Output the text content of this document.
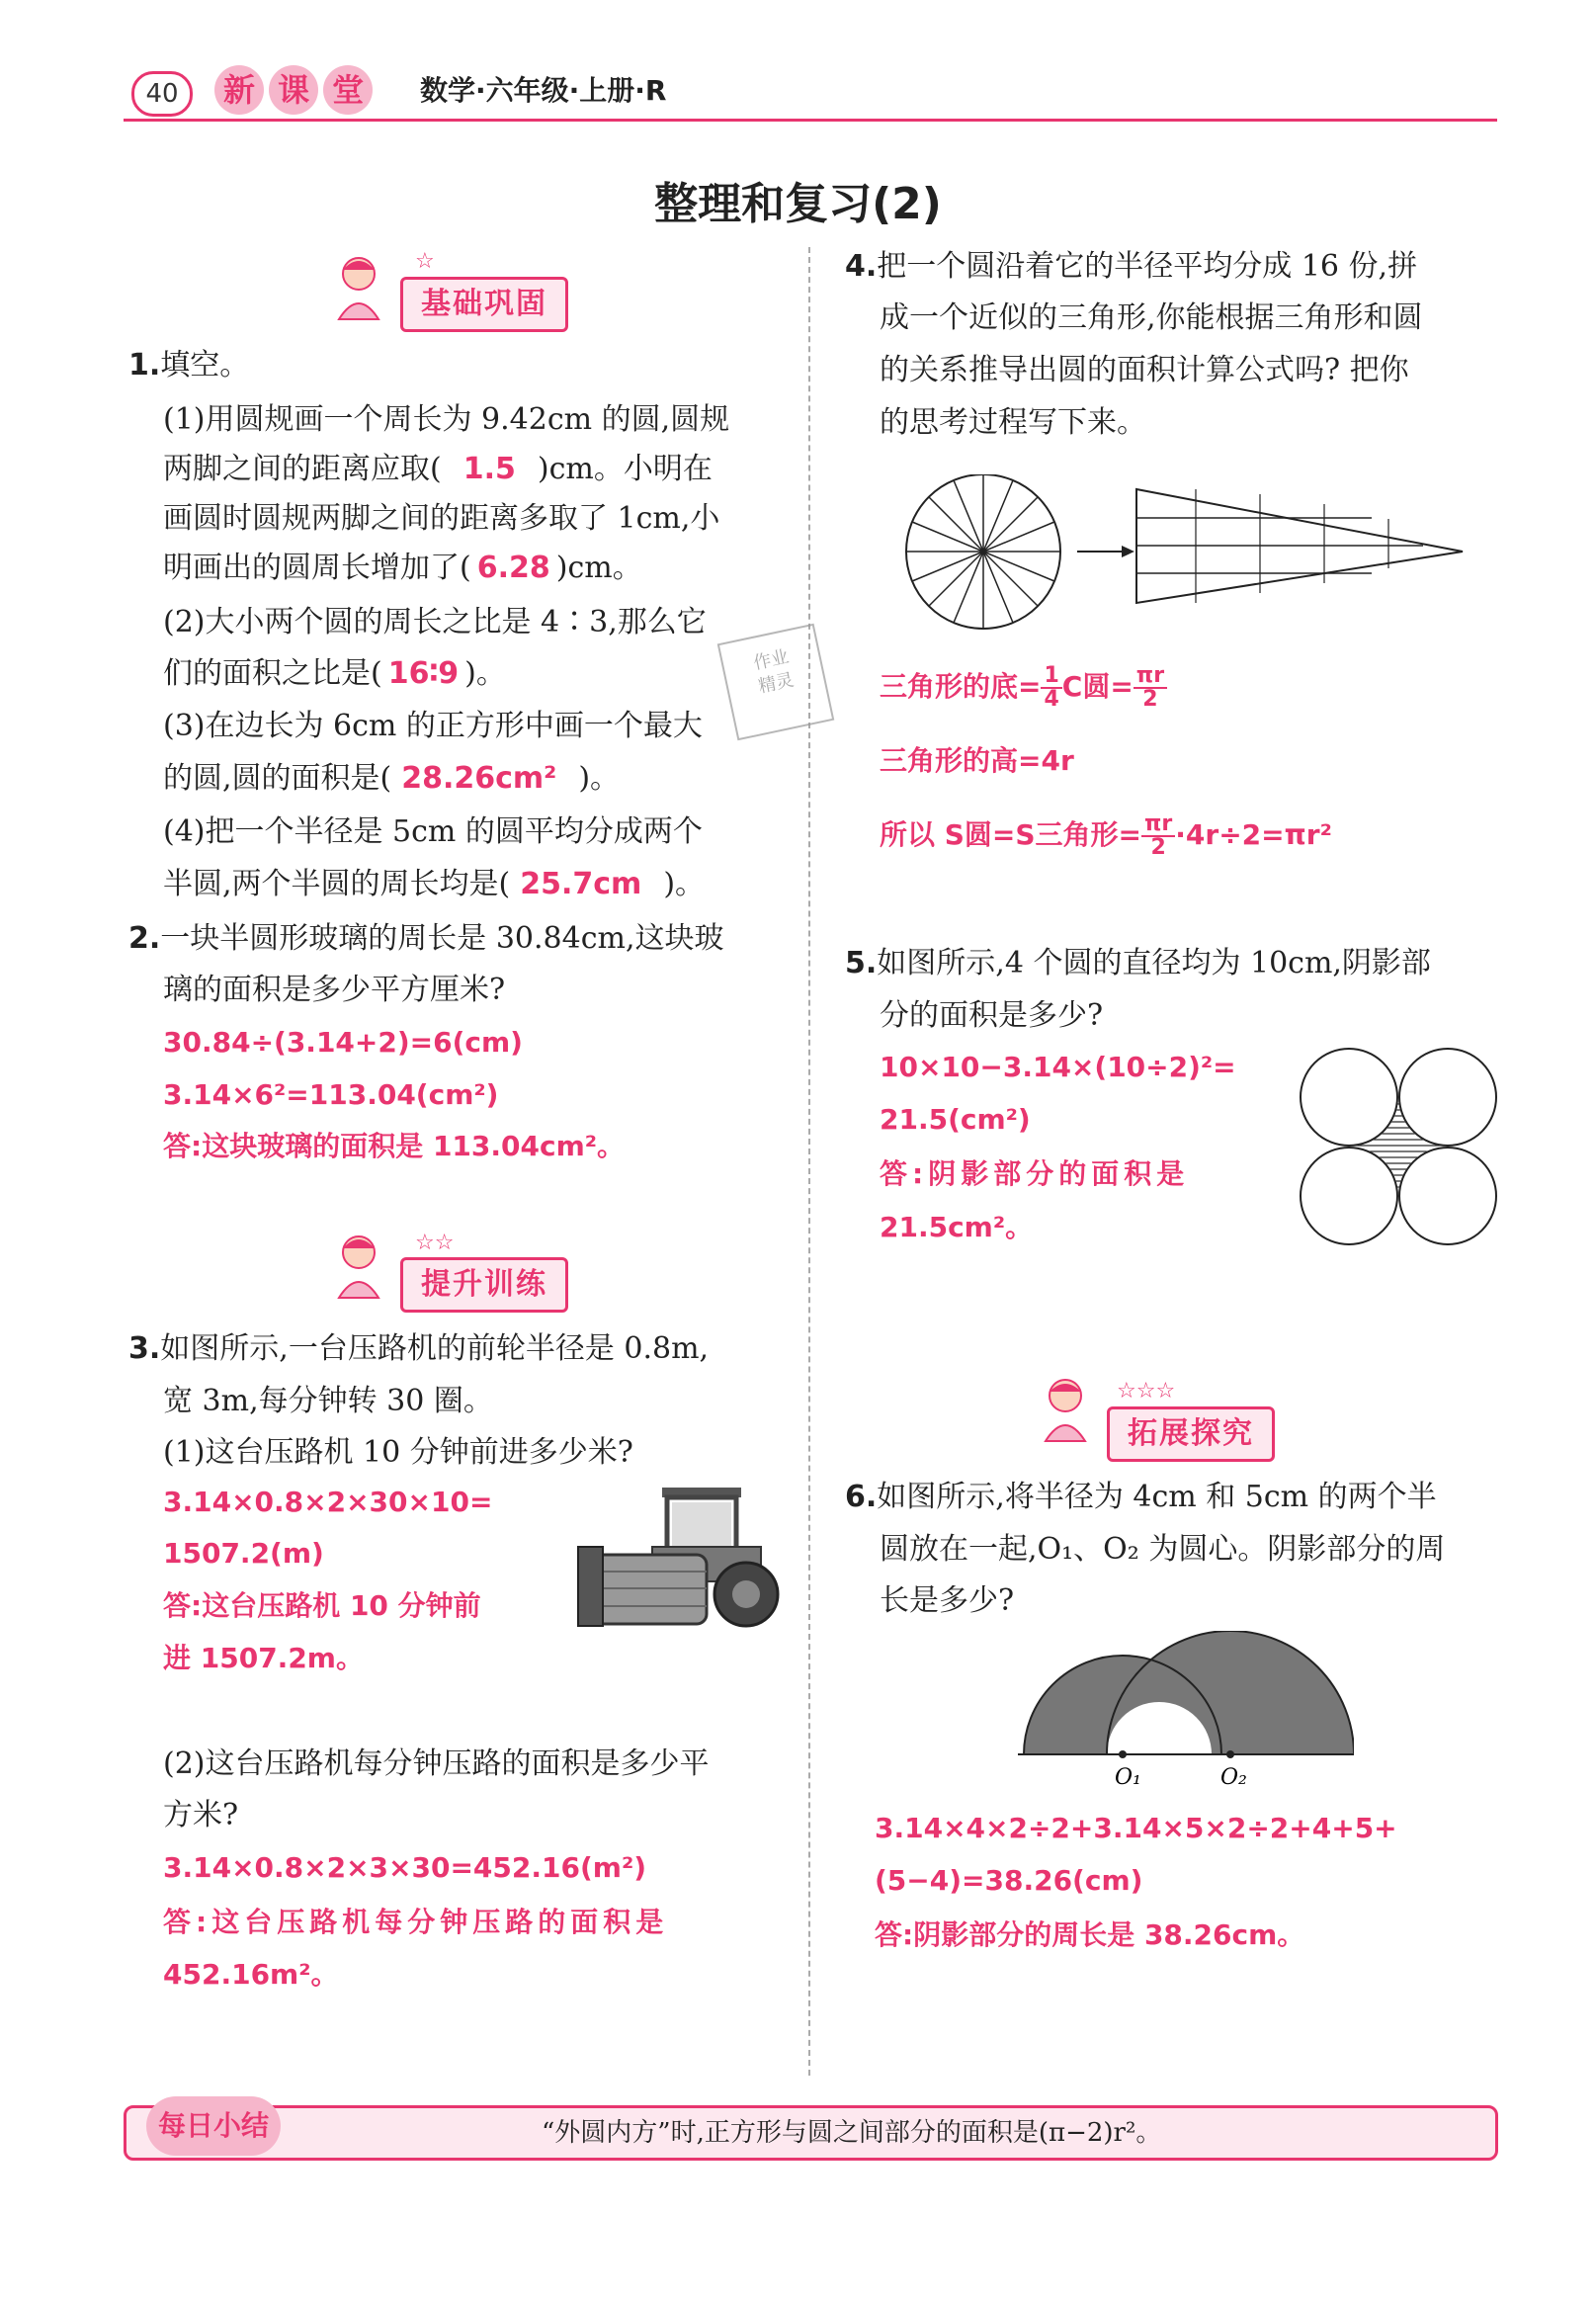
40	新 课 堂	数学·六年级·上册·R
整理和复习(2)
☆
基础巩固
1.填空。
(1)用圆规画一个周长为 9.42cm 的圆,圆规
两脚之间的距离应取( 1.5 )cm。小明在
画圆时圆规两脚之间的距离多取了 1cm,小
明画出的圆周长增加了( 6.28 )cm。
(2)大小两个圆的周长之比是 4∶3,那么它
们的面积之比是( 16∶9 )。
(3)在边长为 6cm 的正方形中画一个最大
的圆,圆的面积是( 28.26cm² )。
(4)把一个半径是 5cm 的圆平均分成两个
半圆,两个半圆的周长均是( 25.7cm )。
作业
精灵
2.一块半圆形玻璃的周长是 30.84cm,这块玻
璃的面积是多少平方厘米?
30.84÷(3.14+2)=6(cm)
3.14×6²=113.04(cm²)
答:这块玻璃的面积是 113.04cm²。
☆☆
提升训练
3.如图所示,一台压路机的前轮半径是 0.8m,
宽 3m,每分钟转 30 圈。
(1)这台压路机 10 分钟前进多少米?
3.14×0.8×2×30×10=
1507.2(m)
答:这台压路机 10 分钟前
进 1507.2m。
(2)这台压路机每分钟压路的面积是多少平
方米?
3.14×0.8×2×3×30=452.16(m²)
答:这台压路机每分钟压路的面积是
452.16m²。
4.把一个圆沿着它的半径平均分成 16 份,拼
成一个近似的三角形,你能根据三角形和圆
的关系推导出圆的面积计算公式吗? 把你
的思考过程写下来。
三角形的底= $\frac{1}{4}$ C圆= $\frac{\pi r}{2}$
三角形的高=4r
所以 S圆=S三角形= $\frac{\pi r}{2} \cdot 4r\div 2=\pi r^2$
5.如图所示,4 个圆的直径均为 10cm,阴影部
分的面积是多少?
10×10−3.14×(10÷2)²=
21.5(cm²)
答:阴影部分的面积是
21.5cm²。
☆☆☆
拓展探究
6.如图所示,将半径为 4cm 和 5cm 的两个半
圆放在一起,O₁、O₂ 为圆心。阴影部分的周
长是多少?
O₁	O₂
3.14×4×2÷2+3.14×5×2÷2+4+5+
(5−4)=38.26(cm)
答:阴影部分的周长是 38.26cm。
每日小结	“外圆内方”时,正方形与圆之间部分的面积是(π−2)r²。
